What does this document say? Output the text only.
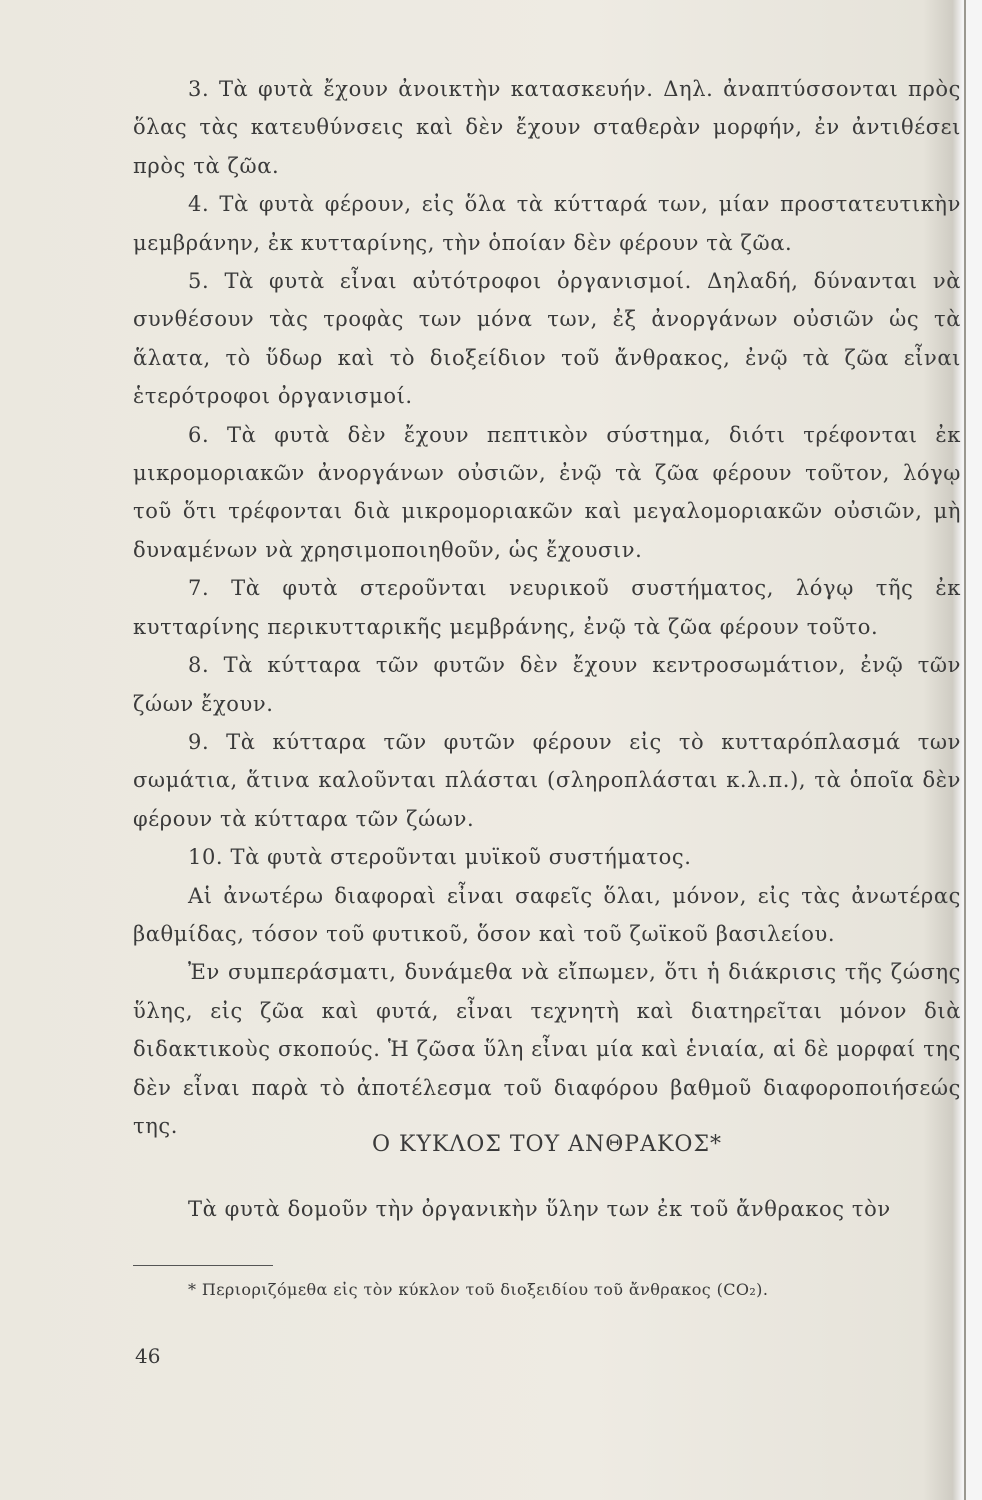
3. Τὰ φυτὰ ἔχουν ἀνοικτὴν κατασκευήν. Δηλ. ἀναπτύσσονται πρὸς ὅλας τὰς κατευθύνσεις καὶ δὲν ἔχουν σταθερὰν μορφήν, ἐν ἀντιθέσει πρὸς τὰ ζῶα.

4. Τὰ φυτὰ φέρουν, εἰς ὅλα τὰ κύτταρά των, μίαν προστατευτικὴν μεμβράνην, ἐκ κυτταρίνης, τὴν ὁποίαν δὲν φέρουν τὰ ζῶα.

5. Τὰ φυτὰ εἶναι αὐτότροφοι ὀργανισμοί. Δηλαδή, δύνανται νὰ συνθέσουν τὰς τροφὰς των μόνα των, ἐξ ἀνοργάνων οὐσιῶν ὡς τὰ ἅλατα, τὸ ὕδωρ καὶ τὸ διοξείδιον τοῦ ἄνθρακος, ἐνῷ τὰ ζῶα εἶναι ἑτερότροφοι ὀργανισμοί.

6. Τὰ φυτὰ δὲν ἔχουν πεπτικὸν σύστημα, διότι τρέφονται ἐκ μικρομοριακῶν ἀνοργάνων οὐσιῶν, ἐνῷ τὰ ζῶα φέρουν τοῦτον, λόγῳ τοῦ ὅτι τρέφονται διὰ μικρομοριακῶν καὶ μεγαλομοριακῶν οὐσιῶν, μὴ δυναμένων νὰ χρησιμοποιηθοῦν, ὡς ἔχουσιν.

7. Τὰ φυτὰ στεροῦνται νευρικοῦ συστήματος, λόγῳ τῆς ἐκ κυτταρίνης περικυτταρικῆς μεμβράνης, ἐνῷ τὰ ζῶα φέρουν τοῦτο.

8. Τὰ κύτταρα τῶν φυτῶν δὲν ἔχουν κεντροσωμάτιον, ἐνῷ τῶν ζώων ἔχουν.

9. Τὰ κύτταρα τῶν φυτῶν φέρουν εἰς τὸ κυτταρόπλασμά των σωμάτια, ἅτινα καλοῦνται πλάσται (σληροπλάσται κ.λ.π.), τὰ ὁποῖα δὲν φέρουν τὰ κύτταρα τῶν ζώων.

10. Τὰ φυτὰ στεροῦνται μυϊκοῦ συστήματος.

Αἱ ἀνωτέρω διαφοραὶ εἶναι σαφεῖς ὅλαι, μόνον, εἰς τὰς ἀνωτέρας βαθμίδας, τόσον τοῦ φυτικοῦ, ὅσον καὶ τοῦ ζωϊκοῦ βασιλείου.

Ἐν συμπεράσματι, δυνάμεθα νὰ εἴπωμεν, ὅτι ἡ διάκρισις τῆς ζώσης ὕλης, εἰς ζῶα καὶ φυτά, εἶναι τεχνητὴ καὶ διατηρεῖται μόνον διὰ διδακτικοὺς σκοπούς. Ἡ ζῶσα ὕλη εἶναι μία καὶ ἑνιαία, αἱ δὲ μορφαί της δὲν εἶναι παρὰ τὸ ἀποτέλεσμα τοῦ διαφόρου βαθμοῦ διαφοροποιήσεώς της.

Ο ΚΥΚΛΟΣ ΤΟΥ ΑΝΘΡΑΚΟΣ*
Τὰ φυτὰ δομοῦν τὴν ὀργανικὴν ὕλην των ἐκ τοῦ ἄνθρακος τὸν
* Περιοριζόμεθα εἰς τὸν κύκλον τοῦ διοξειδίου τοῦ ἄνθρακος (CO₂).
46
